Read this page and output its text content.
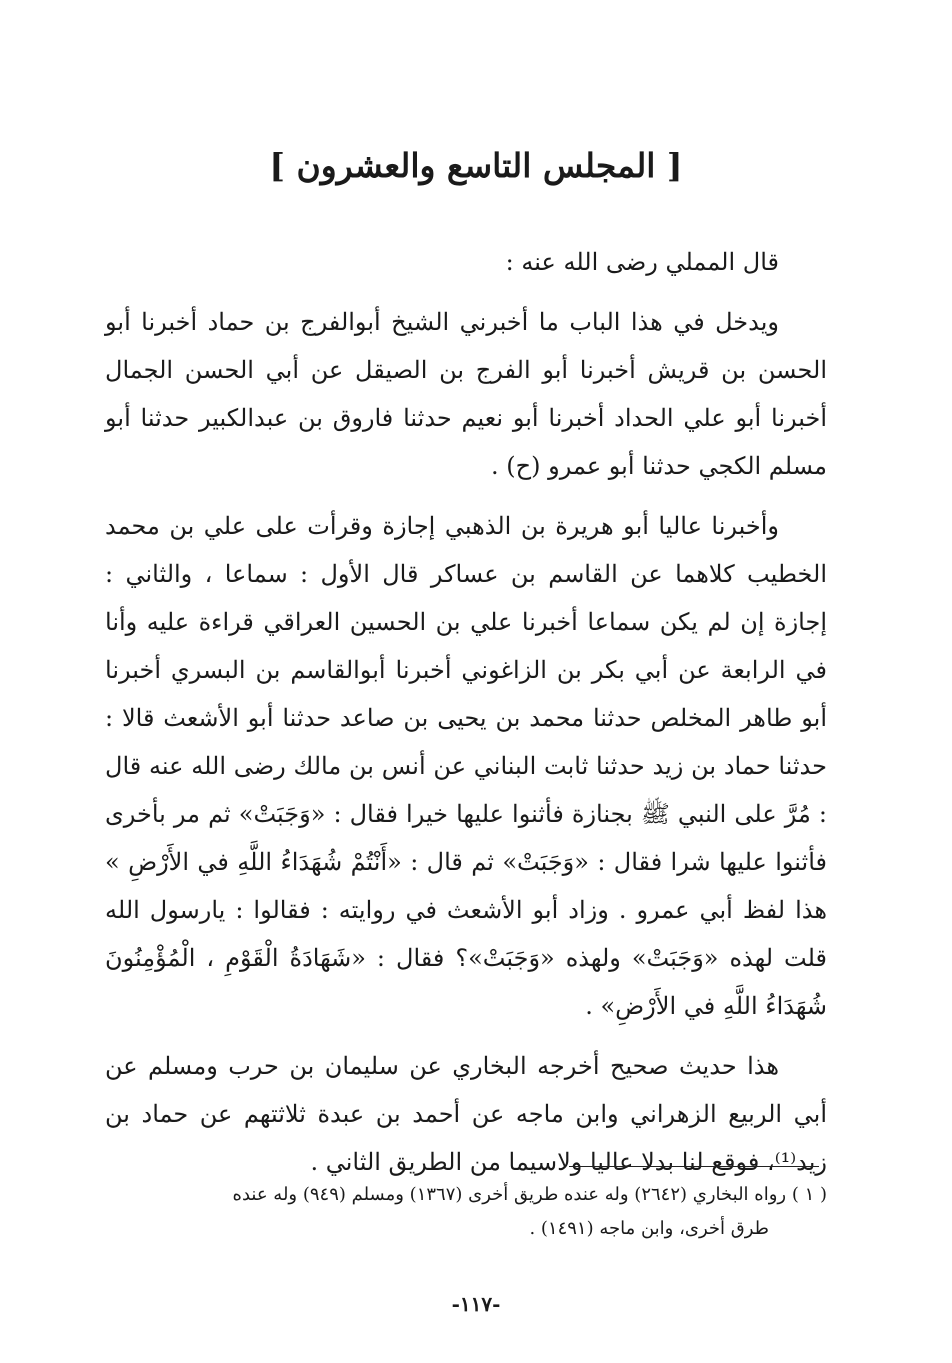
[ المجلس التاسع والعشرون ]

قال المملي رضى الله عنه :

ويدخل في هذا الباب ما أخبرني الشيخ أبوالفرج بن حماد أخبرنا أبو الحسن بن قريش أخبرنا أبو الفرج بن الصيقل عن أبي الحسن الجمال أخبرنا أبو علي الحداد أخبرنا أبو نعيم حدثنا فاروق بن عبدالكبير حدثنا أبو مسلم الكجي حدثنا أبو عمرو (ح) .

وأخبرنا عاليا أبو هريرة بن الذهبي إجازة وقرأت على علي بن محمد الخطيب كلاهما عن القاسم بن عساكر قال الأول : سماعا ، والثاني : إجازة إن لم يكن سماعا أخبرنا علي بن الحسين العراقي قراءة عليه وأنا في الرابعة عن أبي بكر بن الزاغوني أخبرنا أبوالقاسم بن البسري أخبرنا أبو طاهر المخلص حدثنا محمد بن يحيى بن صاعد حدثنا أبو الأشعث قالا : حدثنا حماد بن زيد حدثنا ثابت البناني عن أنس بن مالك رضى الله عنه قال : مُرَّ على النبي ﷺ بجنازة فأثنوا عليها خيرا فقال : «وَجَبَتْ» ثم مر بأخرى فأثنوا عليها شرا فقال : «وَجَبَتْ» ثم قال : «أَنْتُمْ شُهَدَاءُ اللَّهِ في الأَرْضِ » هذا لفظ أبي عمرو . وزاد أبو الأشعث في روايته : فقالوا : يارسول الله قلت لهذه «وَجَبَتْ» ولهذه «وَجَبَتْ»؟ فقال : «شَهَادَةُ الْقَوْمِ ، الْمُؤْمِنُونَ شُهَدَاءُ اللَّهِ في الأَرْضِ» .

هذا حديث صحيح أخرجه البخاري عن سليمان بن حرب ومسلم عن أبي الربيع الزهراني وابن ماجه عن أحمد بن عبدة ثلاثتهم عن حماد بن زيد⁽¹⁾، فوقع لنا بدلا عاليا ولاسيما من الطريق الثاني .

( ١ ) رواه البخاري (٢٦٤٢) وله عنده طريق أخرى (١٣٦٧) ومسلم (٩٤٩) وله عنده

طرق أخرى، وابن ماجه (١٤٩١) .

-١١٧-
